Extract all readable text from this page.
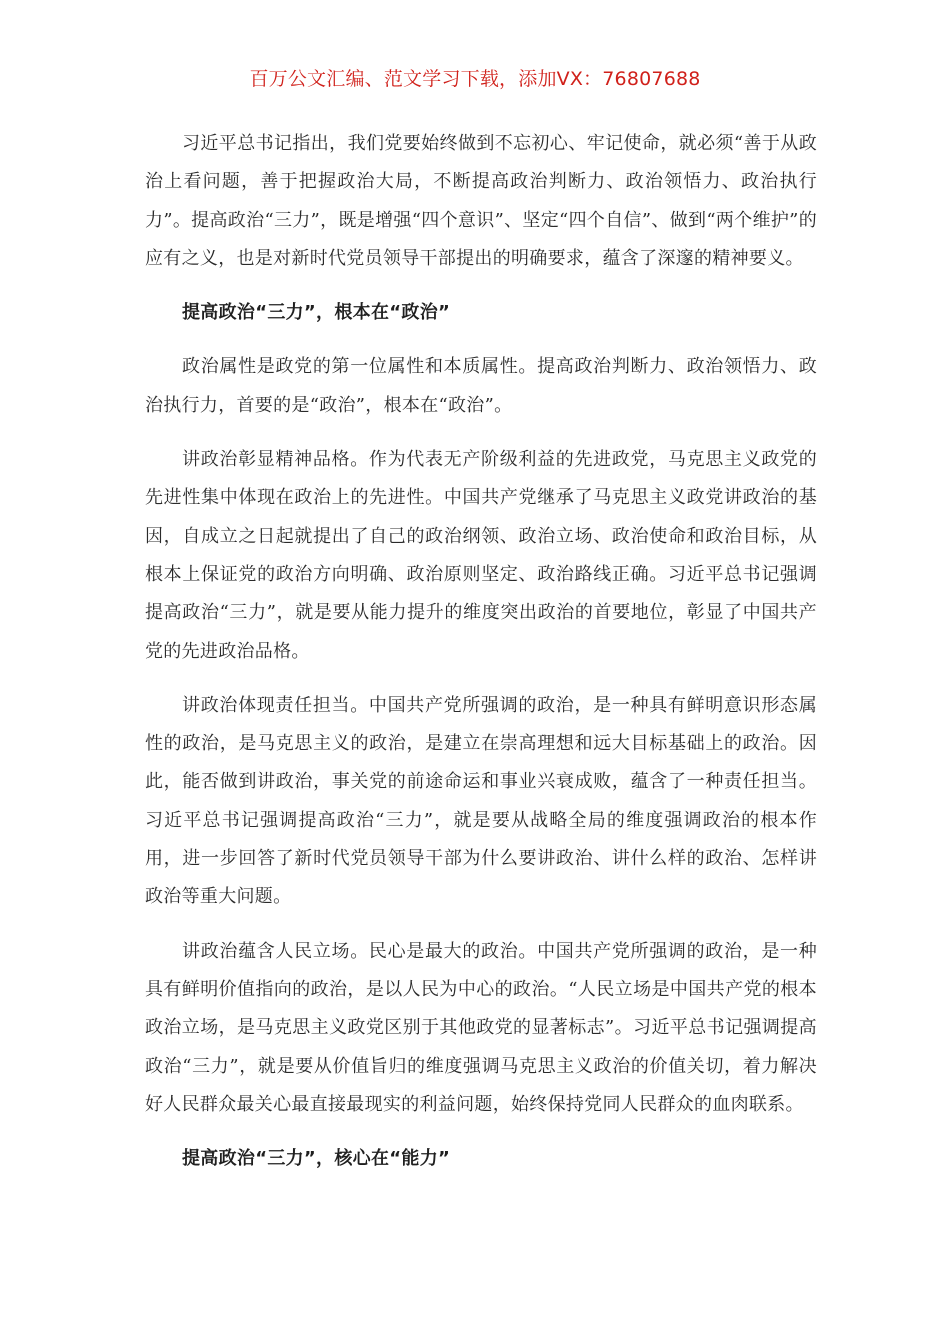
百万公文汇编、范文学习下载，添加VX：76807688

习近平总书记指出，我们党要始终做到不忘初心、牢记使命，就必须“善于从政治上看问题，善于把握政治大局，不断提高政治判断力、政治领悟力、政治执行力”。提高政治“三力”，既是增强“四个意识”、坚定“四个自信”、做到“两个维护”的应有之义，也是对新时代党员领导干部提出的明确要求，蕴含了深邃的精神要义。

提高政治“三力”，根本在“政治”

政治属性是政党的第一位属性和本质属性。提高政治判断力、政治领悟力、政治执行力，首要的是“政治”，根本在“政治”。

讲政治彰显精神品格。作为代表无产阶级利益的先进政党，马克思主义政党的先进性集中体现在政治上的先进性。中国共产党继承了马克思主义政党讲政治的基因，自成立之日起就提出了自己的政治纲领、政治立场、政治使命和政治目标，从根本上保证党的政治方向明确、政治原则坚定、政治路线正确。习近平总书记强调提高政治“三力”，就是要从能力提升的维度突出政治的首要地位，彰显了中国共产党的先进政治品格。

讲政治体现责任担当。中国共产党所强调的政治，是一种具有鲜明意识形态属性的政治，是马克思主义的政治，是建立在崇高理想和远大目标基础上的政治。因此，能否做到讲政治，事关党的前途命运和事业兴衰成败，蕴含了一种责任担当。习近平总书记强调提高政治“三力”，就是要从战略全局的维度强调政治的根本作用，进一步回答了新时代党员领导干部为什么要讲政治、讲什么样的政治、怎样讲政治等重大问题。

讲政治蕴含人民立场。民心是最大的政治。中国共产党所强调的政治，是一种具有鲜明价值指向的政治，是以人民为中心的政治。“人民立场是中国共产党的根本政治立场，是马克思主义政党区别于其他政党的显著标志”。习近平总书记强调提高政治“三力”，就是要从价值旨归的维度强调马克思主义政治的价值关切，着力解决好人民群众最关心最直接最现实的利益问题，始终保持党同人民群众的血肉联系。

提高政治“三力”，核心在“能力”
